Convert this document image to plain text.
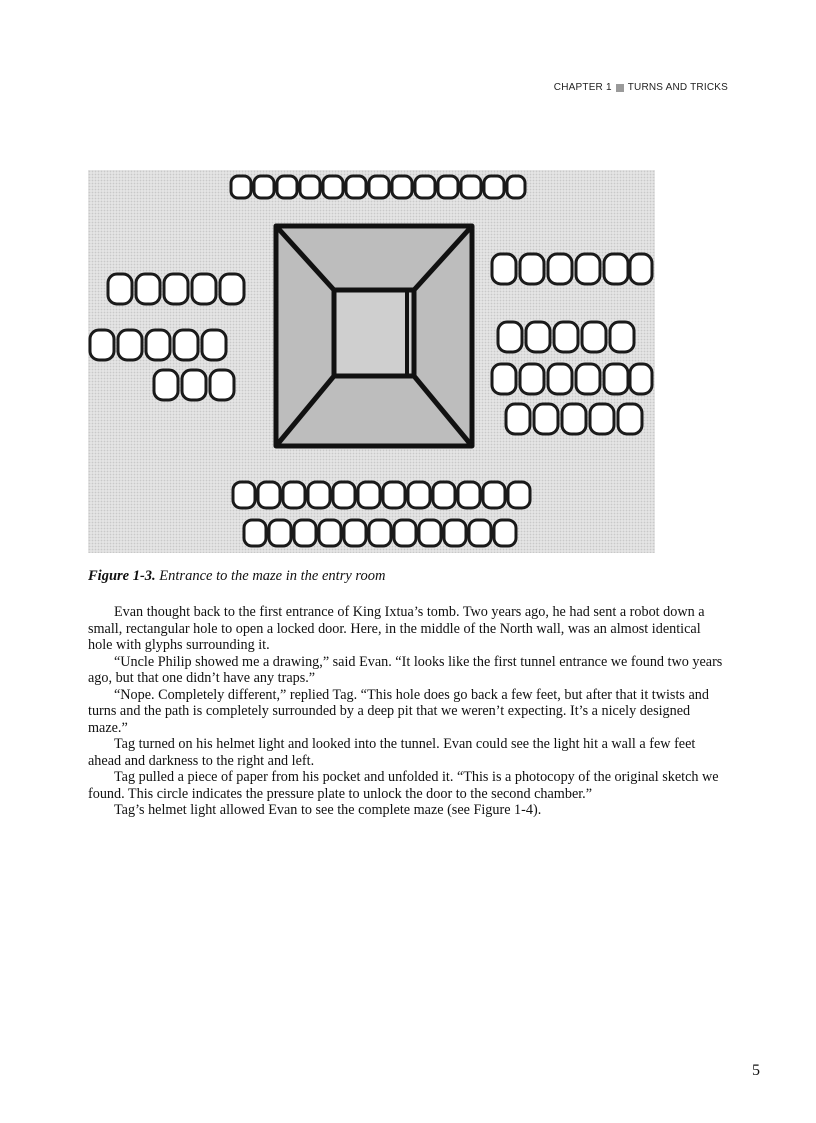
CHAPTER 1 TURNS AND TRICKS
Figure 1-3. Entrance to the maze in the entry room

Evan thought back to the first entrance of King Ixtua’s tomb. Two years ago, he had sent a robot down a small, rectangular hole to open a locked door. Here, in the middle of the North wall, was an almost identical hole with glyphs surrounding it.

“Uncle Philip showed me a drawing,” said Evan. “It looks like the first tunnel entrance we found two years ago, but that one didn’t have any traps.”

“Nope. Completely different,” replied Tag. “This hole does go back a few feet, but after that it twists and turns and the path is completely surrounded by a deep pit that we weren’t expecting. It’s a nicely designed maze.”

Tag turned on his helmet light and looked into the tunnel. Evan could see the light hit a wall a few feet ahead and darkness to the right and left.

Tag pulled a piece of paper from his pocket and unfolded it. “This is a photocopy of the original sketch we found. This circle indicates the pressure plate to unlock the door to the second chamber.”

Tag’s helmet light allowed Evan to see the complete maze (see Figure 1-4).

5
